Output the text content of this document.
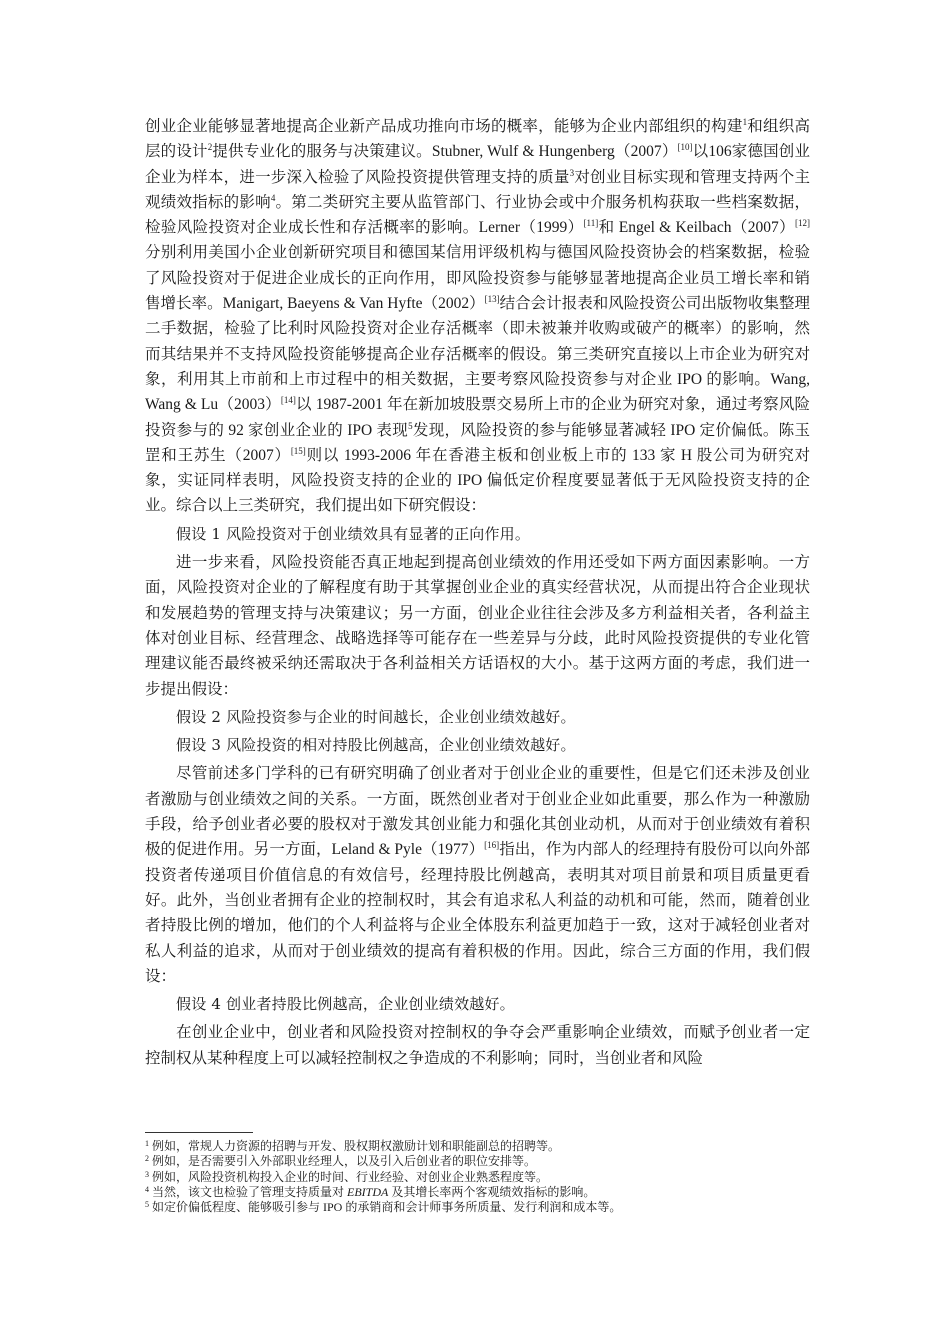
创业企业能够显著地提高企业新产品成功推向市场的概率，能够为企业内部组织的构建$^1$和组织高层的设计$^2$提供专业化的服务与决策建议。Stubner, Wulf & Hungenberg（2007）[10]以106家德国创业企业为样本，进一步深入检验了风险投资提供管理支持的质量$^3$对创业目标实现和管理支持两个主观绩效指标的影响$^4$。第二类研究主要从监管部门、行业协会或中介服务机构获取一些档案数据，检验风险投资对企业成长性和存活概率的影响。Lerner（1999）[11]和 Engel & Keilbach（2007）[12]分别利用美国小企业创新研究项目和德国某信用评级机构与德国风险投资协会的档案数据，检验了风险投资对于促进企业成长的正向作用，即风险投资参与能够显著地提高企业员工增长率和销售增长率。Manigart, Baeyens & Van Hyfte（2002）[13]结合会计报表和风险投资公司出版物收集整理二手数据，检验了比利时风险投资对企业存活概率（即未被兼并收购或破产的概率）的影响，然而其结果并不支持风险投资能够提高企业存活概率的假设。第三类研究直接以上市企业为研究对象，利用其上市前和上市过程中的相关数据，主要考察风险投资参与对企业 IPO 的影响。Wang, Wang & Lu（2003）[14]以 1987-2001 年在新加坡股票交易所上市的企业为研究对象，通过考察风险投资参与的 92 家创业企业的 IPO 表现$^5$发现，风险投资的参与能够显著减轻 IPO 定价偏低。陈玉罡和王苏生（2007）[15]则以 1993-2006 年在香港主板和创业板上市的 133 家 H 股公司为研究对象，实证同样表明，风险投资支持的企业的 IPO 偏低定价程度要显著低于无风险投资支持的企业。综合以上三类研究，我们提出如下研究假设：

假设 1 风险投资对于创业绩效具有显著的正向作用。

进一步来看，风险投资能否真正地起到提高创业绩效的作用还受如下两方面因素影响。一方面，风险投资对企业的了解程度有助于其掌握创业企业的真实经营状况，从而提出符合企业现状和发展趋势的管理支持与决策建议；另一方面，创业企业往往会涉及多方利益相关者，各利益主体对创业目标、经营理念、战略选择等可能存在一些差异与分歧，此时风险投资提供的专业化管理建议能否最终被采纳还需取决于各利益相关方话语权的大小。基于这两方面的考虑，我们进一步提出假设：

假设 2 风险投资参与企业的时间越长，企业创业绩效越好。

假设 3 风险投资的相对持股比例越高，企业创业绩效越好。

尽管前述多门学科的已有研究明确了创业者对于创业企业的重要性，但是它们还未涉及创业者激励与创业绩效之间的关系。一方面，既然创业者对于创业企业如此重要，那么作为一种激励手段，给予创业者必要的股权对于激发其创业能力和强化其创业动机，从而对于创业绩效有着积极的促进作用。另一方面，Leland & Pyle（1977）[16]指出，作为内部人的经理持有股份可以向外部投资者传递项目价值信息的有效信号，经理持股比例越高，表明其对项目前景和项目质量更看好。此外，当创业者拥有企业的控制权时，其会有追求私人利益的动机和可能，然而，随着创业者持股比例的增加，他们的个人利益将与企业全体股东利益更加趋于一致，这对于减轻创业者对私人利益的追求，从而对于创业绩效的提高有着积极的作用。因此，综合三方面的作用，我们假设：

假设 4 创业者持股比例越高，企业创业绩效越好。

在创业企业中，创业者和风险投资对控制权的争夺会严重影响企业绩效，而赋予创业者一定控制权从某种程度上可以减轻控制权之争造成的不利影响；同时，当创业者和风险

$^1$ 例如，常规人力资源的招聘与开发、股权期权激励计划和职能副总的招聘等。

$^2$ 例如，是否需要引入外部职业经理人，以及引入后创业者的职位安排等。

$^3$ 例如，风险投资机构投入企业的时间、行业经验、对创业企业熟悉程度等。

$^4$ 当然，该文也检验了管理支持质量对 EBITDA 及其增长率两个客观绩效指标的影响。

$^5$ 如定价偏低程度、能够吸引参与 IPO 的承销商和会计师事务所质量、发行利润和成本等。
